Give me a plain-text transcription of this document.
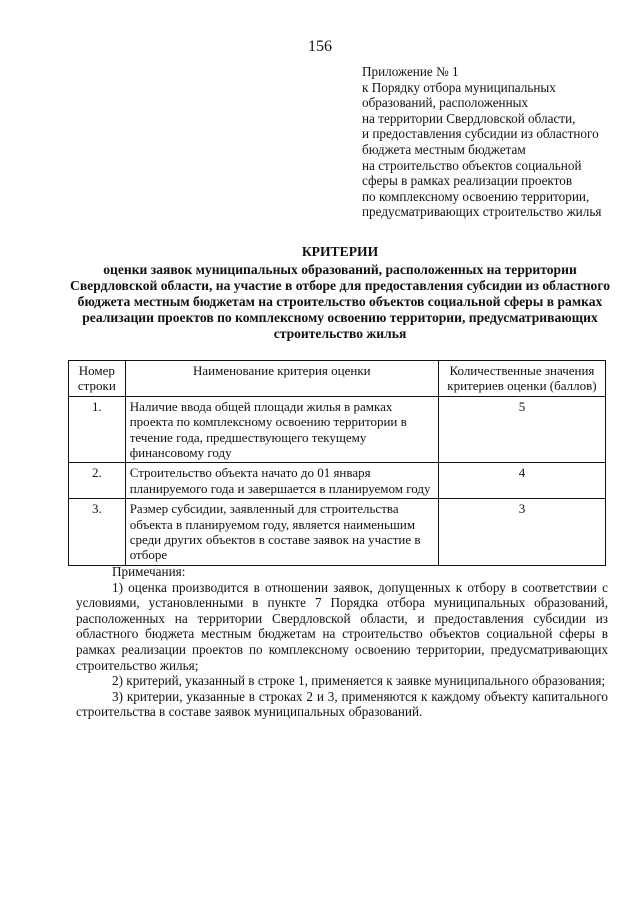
156
Приложение № 1
к Порядку отбора муниципальных
образований, расположенных
на территории Свердловской области,
и предоставления субсидии из областного
бюджета местным бюджетам
на строительство объектов социальной
сферы в рамках реализации проектов
по комплексному освоению территории,
предусматривающих строительство жилья
КРИТЕРИИ
оценки заявок муниципальных образований, расположенных на территории Свердловской области, на участие в отборе для предоставления субсидии из областного бюджета местным бюджетам на строительство объектов социальной сферы в рамках реализации проектов по комплексному освоению территории, предусматривающих строительство жилья
Номер строки	Наименование критерия оценки	Количественные значения критериев оценки (баллов)
1.	Наличие ввода общей площади жилья в рамках проекта по комплексному освоению территории в течение года, предшествующего текущему финансовому году	5
2.	Строительство объекта начато до 01 января планируемого года и завершается в планируемом году	4
3.	Размер субсидии, заявленный для строительства объекта в планируемом году, является наименьшим среди других объектов в составе заявок на участие в отборе	3
Примечания:

1) оценка производится в отношении заявок, допущенных к отбору в соответствии с условиями, установленными в пункте 7 Порядка отбора муниципальных образований, расположенных на территории Свердловской области, и предоставления субсидии из областного бюджета местным бюджетам на строительство объектов социальной сферы в рамках реализации проектов по комплексному освоению территории, предусматривающих строительство жилья;

2) критерий, указанный в строке 1, применяется к заявке муниципального образования;

3) критерии, указанные в строках 2 и 3, применяются к каждому объекту капитального строительства в составе заявок муниципальных образований.
